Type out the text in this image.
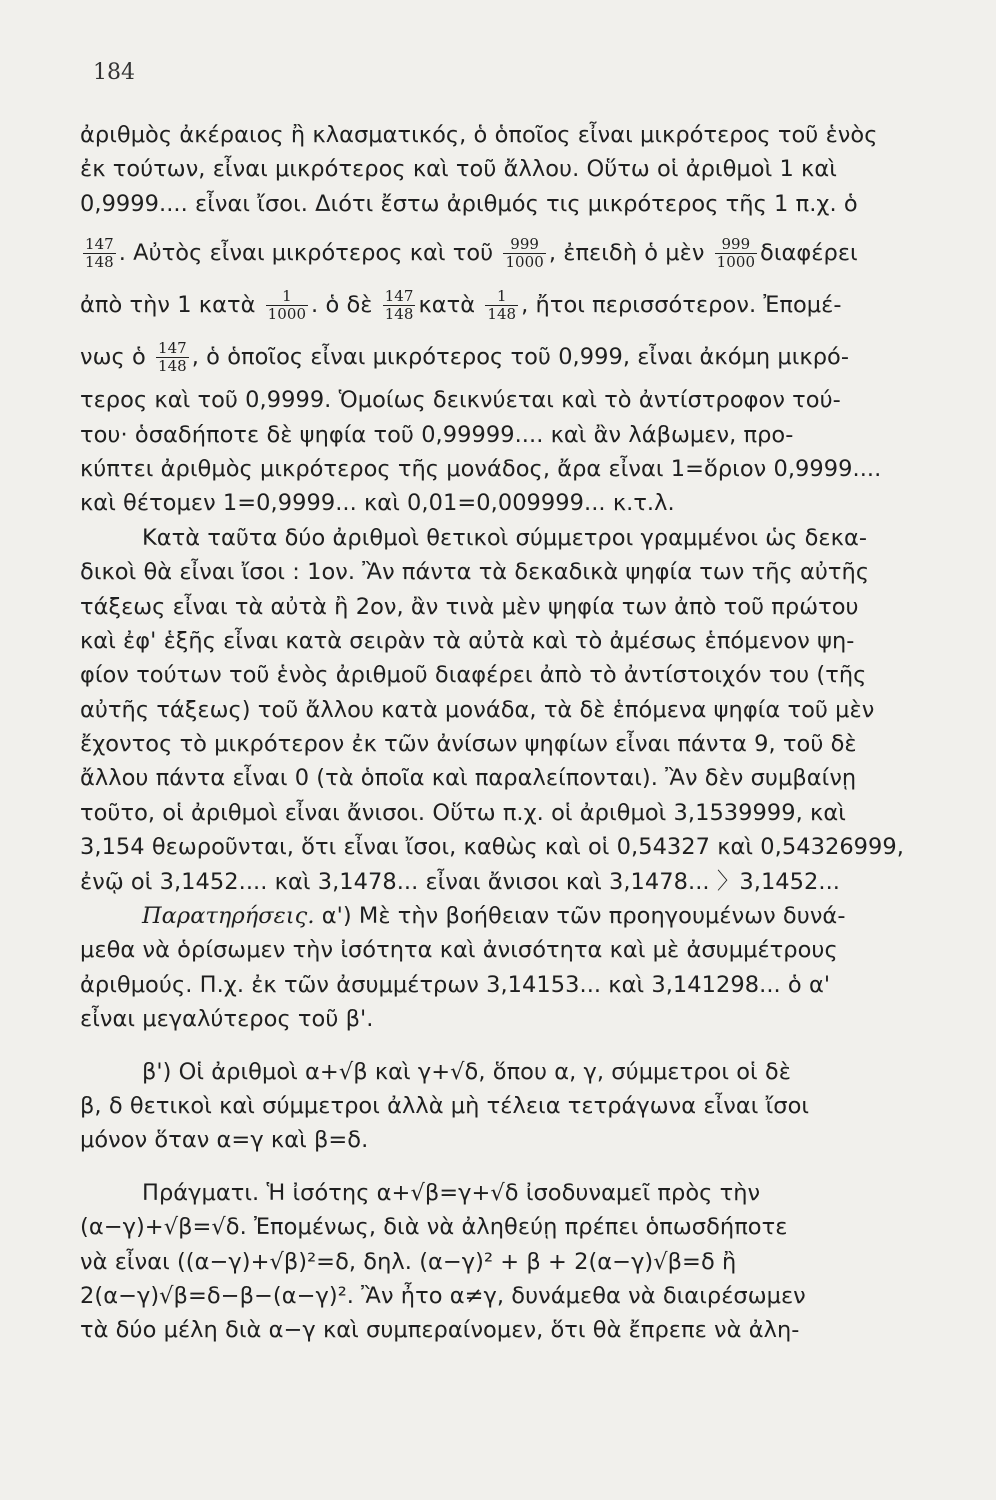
184
ἀριθμὸς ἀκέραιος ἢ κλασματικός, ὁ ὁποῖος εἶναι μικρότερος τοῦ ἑνὸς
ἐκ τούτων, εἶναι μικρότερος καὶ τοῦ ἄλλου. Οὕτω οἱ ἀριθμοὶ 1 καὶ
0,9999.... εἶναι ἴσοι. Διότι ἔστω ἀριθμός τις μικρότερος τῆς 1 π.χ. ὁ
$\frac{147}{148}$ . Αὐτὸς εἶναι μικρότερος καὶ τοῦ $\frac{999}{1000}$ , ἐπειδὴ ὁ μὲν $\frac{999}{1000}$ διαφέρει
ἀπὸ τὴν 1 κατὰ $\frac{1}{1000}$ . ὁ δὲ $\frac{147}{148}$ κατὰ $\frac{1}{148}$ , ἤτοι περισσότερον. Ἐπομέ-
νως ὁ $\frac{147}{148}$ , ὁ ὁποῖος εἶναι μικρότερος τοῦ 0,999, εἶναι ἀκόμη μικρό-
τερος καὶ τοῦ 0,9999. Ὁμοίως δεικνύεται καὶ τὸ ἀντίστροφον τού-
του· ὁσαδήποτε δὲ ψηφία τοῦ 0,99999.... καὶ ἂν λάβωμεν, προ-
κύπτει ἀριθμὸς μικρότερος τῆς μονάδος, ἄρα εἶναι 1=ὅριον 0,9999....
καὶ θέτομεν 1=0,9999... καὶ 0,01=0,009999... κ.τ.λ.
Κατὰ ταῦτα δύο ἀριθμοὶ θετικοὶ σύμμετροι γραμμένοι ὡς δεκα-
δικοὶ θὰ εἶναι ἴσοι : 1ον. Ἂν πάντα τὰ δεκαδικὰ ψηφία των τῆς αὐτῆς
τάξεως εἶναι τὰ αὐτὰ ἢ 2ον, ἂν τινὰ μὲν ψηφία των ἀπὸ τοῦ πρώτου
καὶ ἐφ' ἑξῆς εἶναι κατὰ σειρὰν τὰ αὐτὰ καὶ τὸ ἀμέσως ἑπόμενον ψη-
φίον τούτων τοῦ ἑνὸς ἀριθμοῦ διαφέρει ἀπὸ τὸ ἀντίστοιχόν του (τῆς
αὐτῆς τάξεως) τοῦ ἄλλου κατὰ μονάδα, τὰ δὲ ἑπόμενα ψηφία τοῦ μὲν
ἔχοντος τὸ μικρότερον ἐκ τῶν ἀνίσων ψηφίων εἶναι πάντα 9, τοῦ δὲ
ἄλλου πάντα εἶναι 0 (τὰ ὁποῖα καὶ παραλείπονται). Ἂν δὲν συμβαίνῃ
τοῦτο, οἱ ἀριθμοὶ εἶναι ἄνισοι. Οὕτω π.χ. οἱ ἀριθμοὶ 3,1539999, καὶ
3,154 θεωροῦνται, ὅτι εἶναι ἴσοι, καθὼς καὶ οἱ 0,54327 καὶ 0,54326999,
ἐνῷ οἱ 3,1452.... καὶ 3,1478... εἶναι ἄνισοι καὶ 3,1478... 〉3,1452...
Παρατηρήσεις. α') Μὲ τὴν βοήθειαν τῶν προηγουμένων δυνά-
μεθα νὰ ὁρίσωμεν τὴν ἰσότητα καὶ ἀνισότητα καὶ μὲ ἀσυμμέτρους
ἀριθμούς. Π.χ. ἐκ τῶν ἀσυμμέτρων 3,14153... καὶ 3,141298... ὁ α'
εἶναι μεγαλύτερος τοῦ β'.
β') Οἱ ἀριθμοὶ α+√β καὶ γ+√δ, ὅπου α, γ, σύμμετροι οἱ δὲ
β, δ θετικοὶ καὶ σύμμετροι ἀλλὰ μὴ τέλεια τετράγωνα εἶναι ἴσοι
μόνον ὅταν α=γ καὶ β=δ.
Πράγματι. Ἡ ἰσότης α+√β=γ+√δ ἰσοδυναμεῖ πρὸς τὴν
(α−γ)+√β=√δ. Ἐπομένως, διὰ νὰ ἀληθεύῃ πρέπει ὁπωσδήποτε
νὰ εἶναι ((α−γ)+√β)²=δ, δηλ. (α−γ)² + β + 2(α−γ)√β=δ ἢ
2(α−γ)√β=δ−β−(α−γ)². Ἂν ἦτο α≠γ, δυνάμεθα νὰ διαιρέσωμεν
τὰ δύο μέλη διὰ α−γ καὶ συμπεραίνομεν, ὅτι θὰ ἔπρεπε νὰ ἀλη-
